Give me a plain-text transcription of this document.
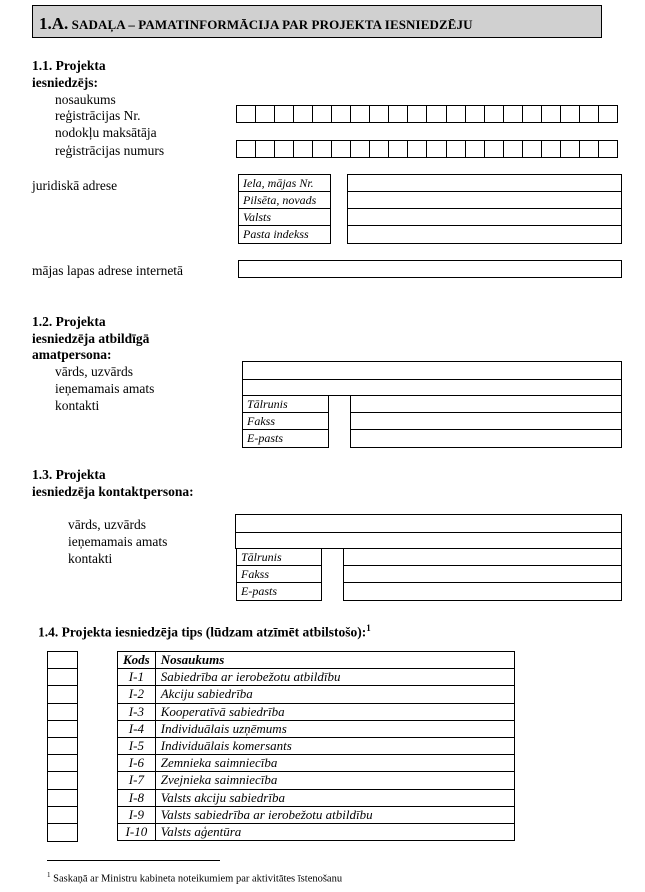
1.A. SADAĻA – PAMATINFORMĀCIJA PAR PROJEKTA IESNIEDZĒJU
1.1. Projekta
iesniedzējs:
nosaukums
reģistrācijas Nr.
nodokļu maksātāja
reģistrācijas numurs
juridiskā adrese	Iela, mājas Nr.
Pilsēta, novads
Valsts
Pasta indekss
mājas lapas adrese internetā
1.2. Projekta
iesniedzēja atbildīgā
amatpersona:
vārds, uzvārds
ieņemamais amats
kontakti	Tālrunis
Fakss
E-pasts
1.3. Projekta
iesniedzēja kontaktpersona:
vārds, uzvārds
ieņemamais amats
kontakti	Tālrunis
Fakss
E-pasts
1.4. Projekta iesniedzēja tips (lūdzam atzīmēt atbilstošo):$^1$
Kods	Nosaukums
I-1	Sabiedrība ar ierobežotu atbildību
I-2	Akciju sabiedrība
I-3	Kooperatīvā sabiedrība
I-4	Individuālais uzņēmums
I-5	Individuālais komersants
I-6	Zemnieka saimniecība
I-7	Zvejnieka saimniecība
I-8	Valsts akciju sabiedrība
I-9	Valsts sabiedrība ar ierobežotu atbildību
I-10	Valsts aģentūra
$^1$ Saskaņā ar Ministru kabineta noteikumiem par aktivitātes īstenošanu
